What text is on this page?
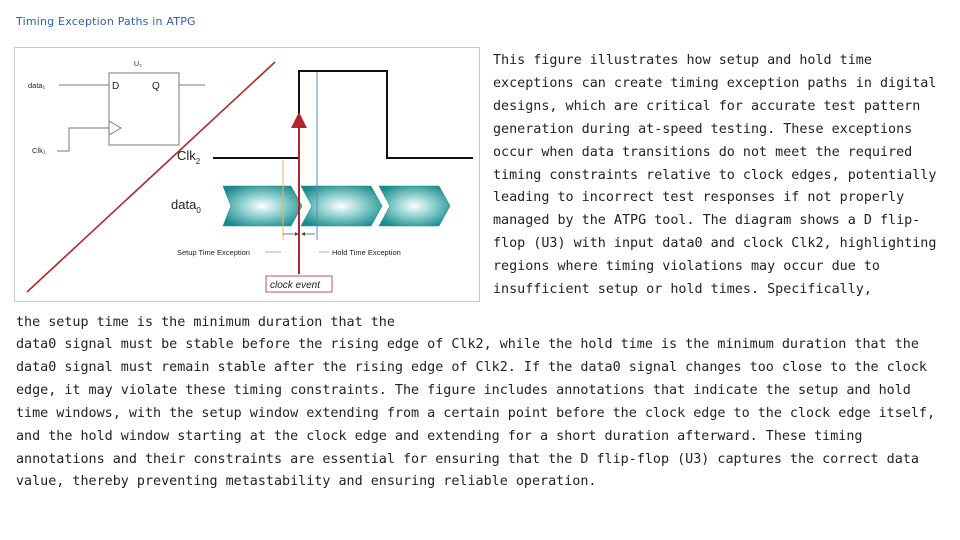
Timing Exception Paths in ATPG
U₃
D	Q
data₁
Clk₁	Clk$_2$
data$_0$
Setup Time Exception	Hold Time Exception
clock event

This figure illustrates how setup and hold time exceptions can create timing exception paths in digital designs, which are critical for accurate test pattern generation during at-speed testing. These exceptions occur when data transitions do not meet the required timing constraints relative to clock edges, potentially leading to incorrect test responses if not properly managed by the ATPG tool. The diagram shows a D flip-flop (U3) with input data0 and clock Clk2, highlighting regions where timing violations may occur due to insufficient setup or hold times. Specifically,

the setup time is the minimum duration that the

data0 signal must be stable before the rising edge of Clk2, while the hold time is the minimum duration that the data0 signal must remain stable after the rising edge of Clk2. If the data0 signal changes too close to the clock edge, it may violate these timing constraints. The figure includes annotations that indicate the setup and hold time windows, with the setup window extending from a certain point before the clock edge to the clock edge itself, and the hold window starting at the clock edge and extending for a short duration afterward. These timing annotations and their constraints are essential for ensuring that the D flip-flop (U3) captures the correct data value, thereby preventing metastability and ensuring reliable operation.
